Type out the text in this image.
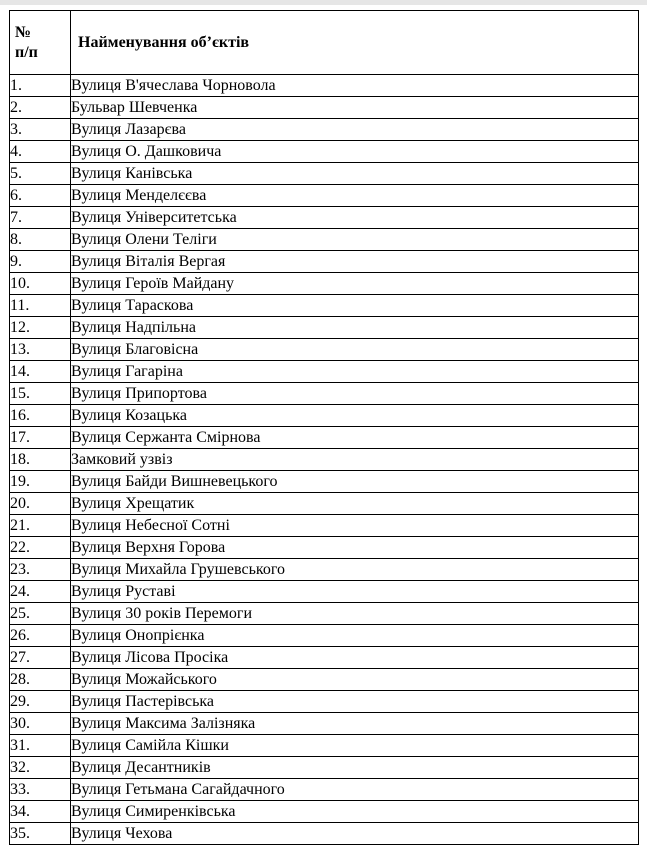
№
п/п	Найменування об’єктів
1.	Вулиця В'ячеслава Чорновола
2.	Бульвар Шевченка
3.	Вулиця Лазарєва
4.	Вулиця О. Дашковича
5.	Вулиця Канівська
6.	Вулиця Менделєєва
7.	Вулиця Університетська
8.	Вулиця Олени Теліги
9.	Вулиця Віталія Вергая
10.	Вулиця Героїв Майдану
11.	Вулиця Тараскова
12.	Вулиця Надпільна
13.	Вулиця Благовісна
14.	Вулиця Гагаріна
15.	Вулиця Припортова
16.	Вулиця Козацька
17.	Вулиця Сержанта Смірнова
18.	Замковий узвіз
19.	Вулиця Байди Вишневецького
20.	Вулиця Хрещатик
21.	Вулиця Небесної Сотні
22.	Вулиця Верхня Горова
23.	Вулиця Михайла Грушевського
24.	Вулиця Руставі
25.	Вулиця 30 років Перемоги
26.	Вулиця Онопрієнка
27.	Вулиця Лісова Просіка
28.	Вулиця Можайського
29.	Вулиця Пастерівська
30.	Вулиця Максима Залізняка
31.	Вулиця Самійла Кішки
32.	Вулиця Десантників
33.	Вулиця Гетьмана Сагайдачного
34.	Вулиця Симиренківська
35.	Вулиця Чехова
